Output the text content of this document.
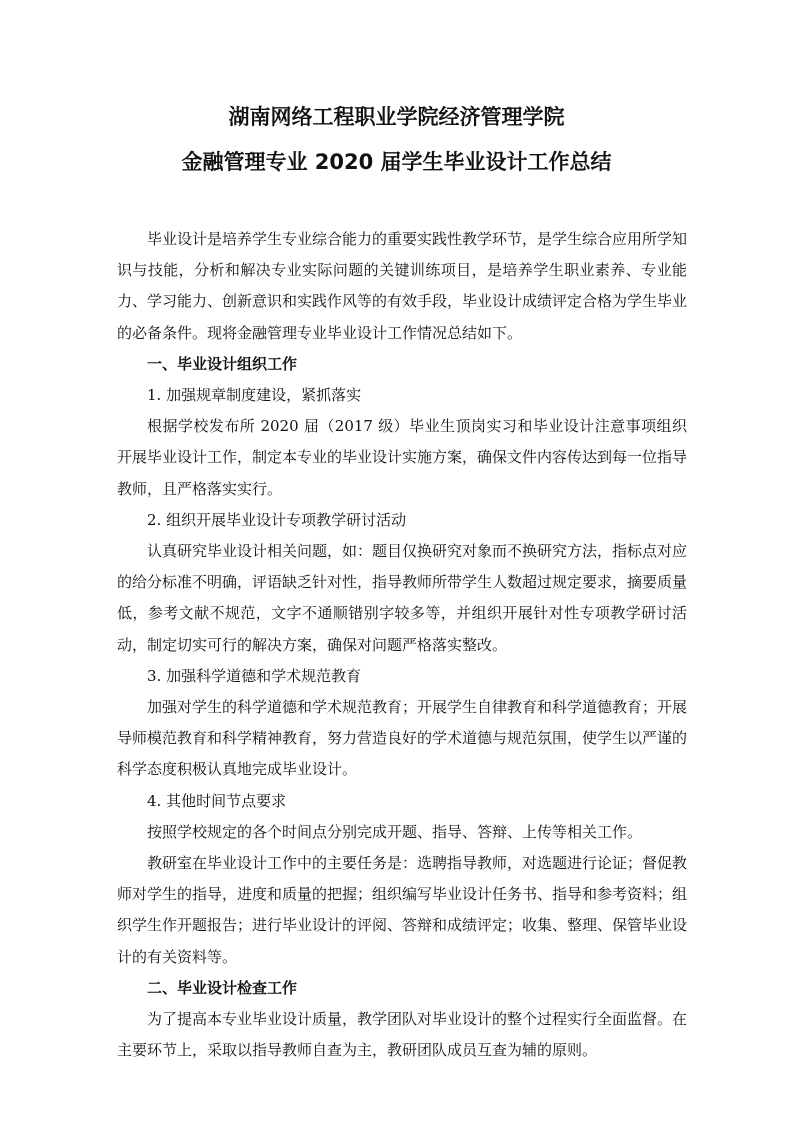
湖南网络工程职业学院经济管理学院
金融管理专业 2020 届学生毕业设计工作总结

毕业设计是培养学生专业综合能力的重要实践性教学环节，是学生综合应用所学知识与技能，分析和解决专业实际问题的关键训练项目，是培养学生职业素养、专业能力、学习能力、创新意识和实践作风等的有效手段，毕业设计成绩评定合格为学生毕业的必备条件。现将金融管理专业毕业设计工作情况总结如下。

一、毕业设计组织工作

1. 加强规章制度建设，紧抓落实

根据学校发布所 2020 届（2017 级）毕业生顶岗实习和毕业设计注意事项组织开展毕业设计工作，制定本专业的毕业设计实施方案，确保文件内容传达到每一位指导教师，且严格落实实行。

2. 组织开展毕业设计专项教学研讨活动

认真研究毕业设计相关问题，如：题目仅换研究对象而不换研究方法，指标点对应的给分标准不明确，评语缺乏针对性，指导教师所带学生人数超过规定要求，摘要质量低，参考文献不规范，文字不通顺错别字较多等，并组织开展针对性专项教学研讨活动，制定切实可行的解决方案，确保对问题严格落实整改。

3. 加强科学道德和学术规范教育

加强对学生的科学道德和学术规范教育；开展学生自律教育和科学道德教育；开展导师模范教育和科学精神教育，努力营造良好的学术道德与规范氛围，使学生以严谨的科学态度积极认真地完成毕业设计。

4. 其他时间节点要求

按照学校规定的各个时间点分别完成开题、指导、答辩、上传等相关工作。

教研室在毕业设计工作中的主要任务是：选聘指导教师，对选题进行论证；督促教师对学生的指导，进度和质量的把握；组织编写毕业设计任务书、指导和参考资料；组织学生作开题报告；进行毕业设计的评阅、答辩和成绩评定；收集、整理、保管毕业设计的有关资料等。

二、毕业设计检查工作

为了提高本专业毕业设计质量，教学团队对毕业设计的整个过程实行全面监督。在主要环节上，采取以指导教师自查为主，教研团队成员互查为辅的原则。
